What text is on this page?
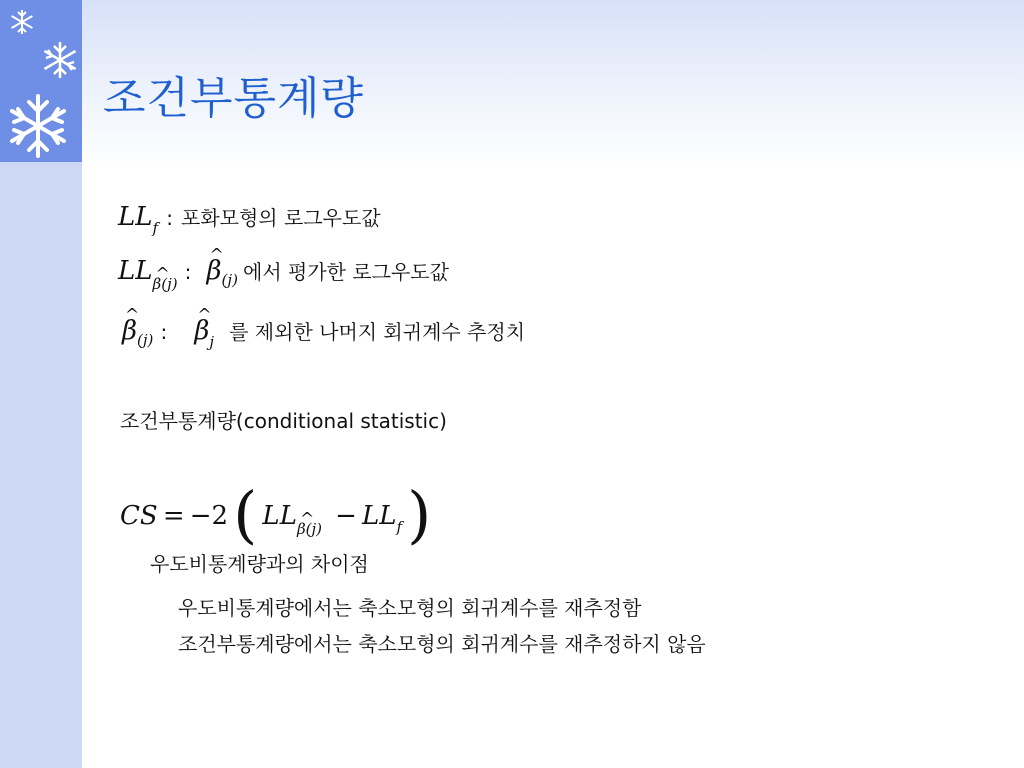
조건부통계량
LLf : 포화모형의 로그우도값
LL^ β(j) : ^ β(j) 에서 평가한 로그우도값
^ β(j) : ^ βj 를 제외한 나머지 회귀계수 추정치
조건부통계량(conditional statistic)
CS = −2 ( LL^ β(j) − LLf )
우도비통계량과의 차이점
우도비통계량에서는 축소모형의 회귀계수를 재추정함
조건부통계량에서는 축소모형의 회귀계수를 재추정하지 않음
